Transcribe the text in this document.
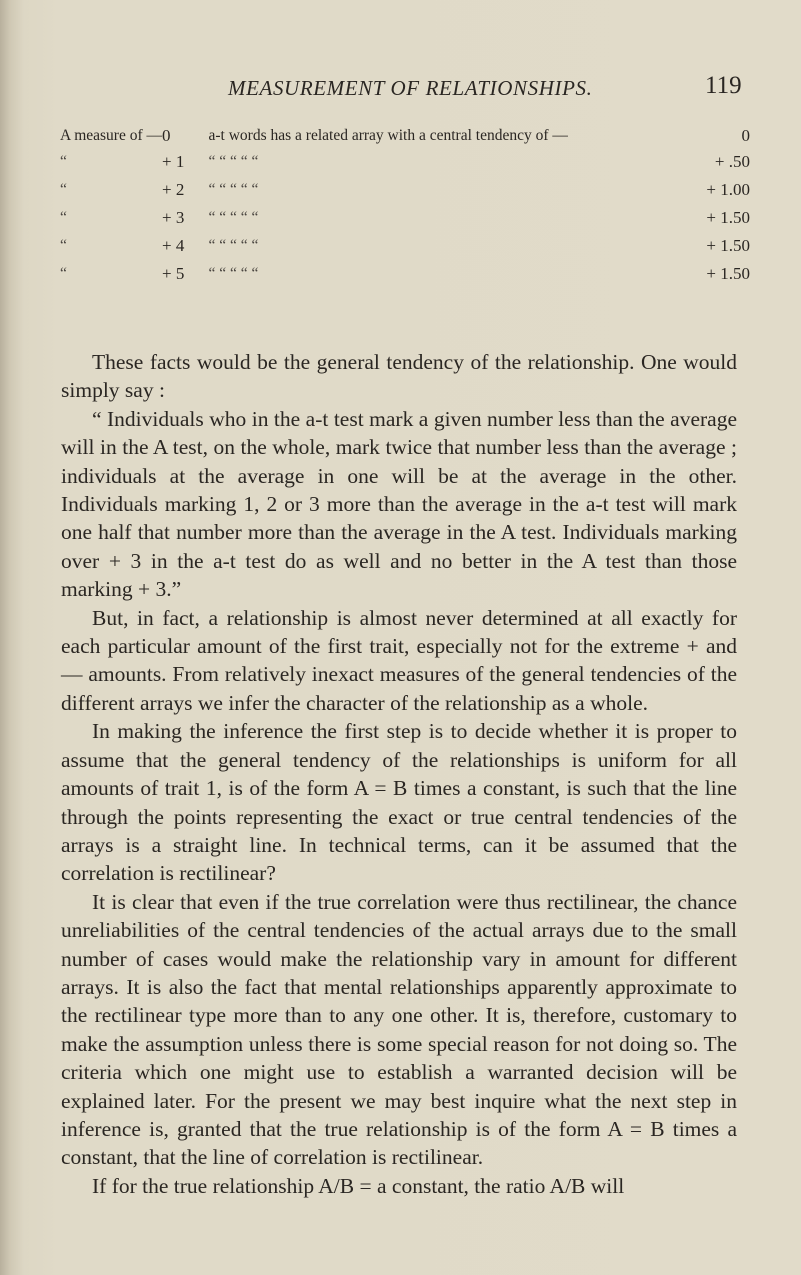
MEASUREMENT OF RELATIONSHIPS.	119
A measure of —	0	a-t words has a related array with a central tendency of —	0
“	+ 1	“ “ “ “ “	+ .50
“	+ 2	“ “ “ “ “	+ 1.00
“	+ 3	“ “ “ “ “	+ 1.50
“	+ 4	“ “ “ “ “	+ 1.50
“	+ 5	“ “ “ “ “	+ 1.50

These facts would be the general tendency of the relationship. One would simply say :

“ Individuals who in the a-t test mark a given number less than the average will in the A test, on the whole, mark twice that number less than the average ; individuals at the average in one will be at the average in the other. Individuals marking 1, 2 or 3 more than the average in the a-t test will mark one half that number more than the average in the A test. Individuals marking over + 3 in the a-t test do as well and no better in the A test than those marking + 3.”

But, in fact, a relationship is almost never determined at all exactly for each particular amount of the first trait, especially not for the extreme + and — amounts. From relatively inexact measures of the general tendencies of the different arrays we infer the character of the relationship as a whole.

In making the inference the first step is to decide whether it is proper to assume that the general tendency of the relationships is uniform for all amounts of trait 1, is of the form A = B times a constant, is such that the line through the points representing the exact or true central tendencies of the arrays is a straight line. In technical terms, can it be assumed that the correlation is rectilinear?

It is clear that even if the true correlation were thus rectilinear, the chance unreliabilities of the central tendencies of the actual arrays due to the small number of cases would make the relationship vary in amount for different arrays. It is also the fact that mental relationships apparently approximate to the rectilinear type more than to any one other. It is, therefore, customary to make the assumption unless there is some special reason for not doing so. The criteria which one might use to establish a warranted decision will be explained later. For the present we may best inquire what the next step in inference is, granted that the true relationship is of the form A = B times a constant, that the line of correlation is rectilinear.

If for the true relationship A/B = a constant, the ratio A/B will
